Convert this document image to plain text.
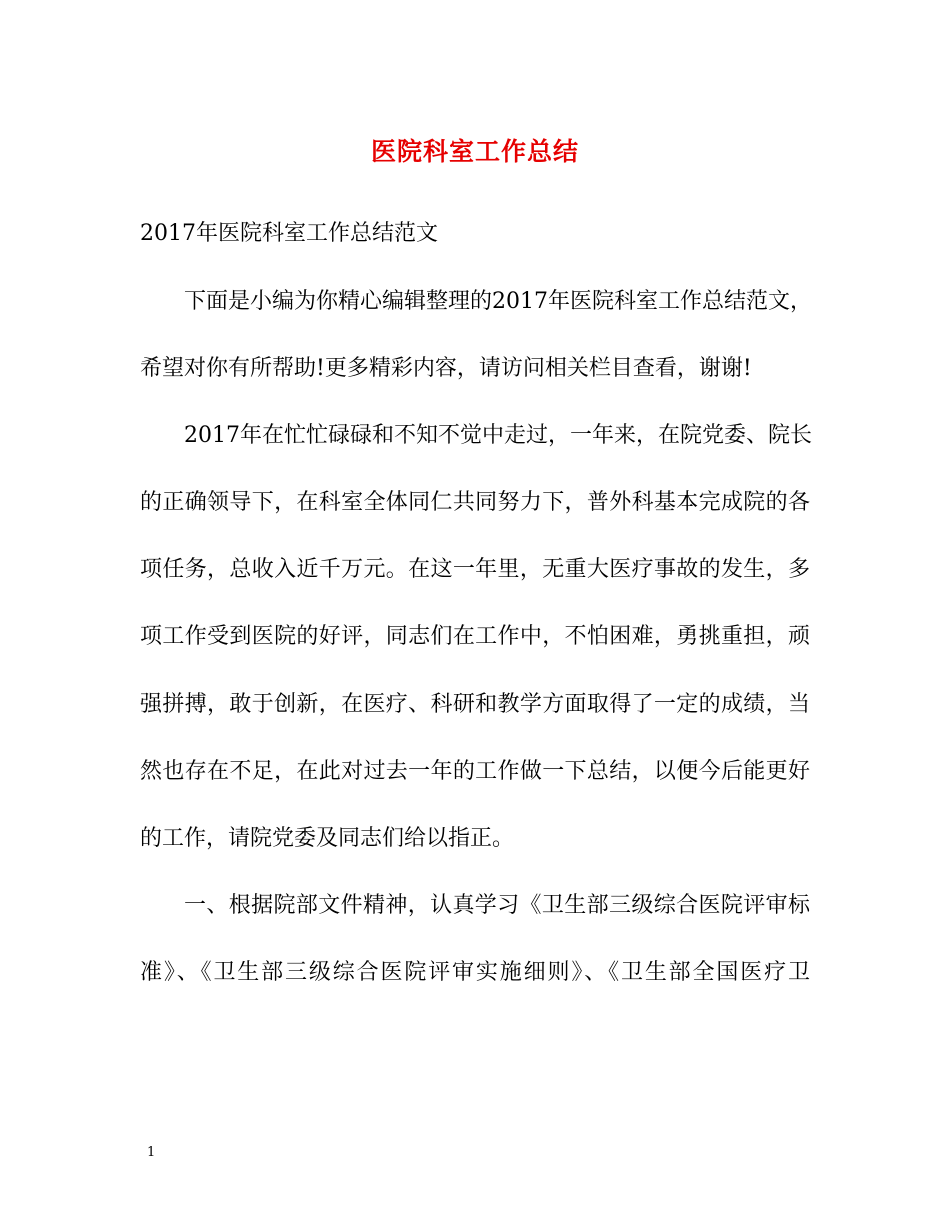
医院科室工作总结
2017年医院科室工作总结范文
下面是小编为你精心编辑整理的2017年医院科室工作总结范文，
希望对你有所帮助!更多精彩内容，请访问相关栏目查看，谢谢!
2017年在忙忙碌碌和不知不觉中走过，一年来，在院党委、院长
的正确领导下，在科室全体同仁共同努力下，普外科基本完成院的各
项任务，总收入近千万元。在这一年里，无重大医疗事故的发生，多
项工作受到医院的好评，同志们在工作中，不怕困难，勇挑重担，顽
强拼搏，敢于创新，在医疗、科研和教学方面取得了一定的成绩，当
然也存在不足，在此对过去一年的工作做一下总结，以便今后能更好
的工作，请院党委及同志们给以指正。
一、根据院部文件精神，认真学习《卫生部三级综合医院评审标
准》、《卫生部三级综合医院评审实施细则》、《卫生部全国医疗卫
1
